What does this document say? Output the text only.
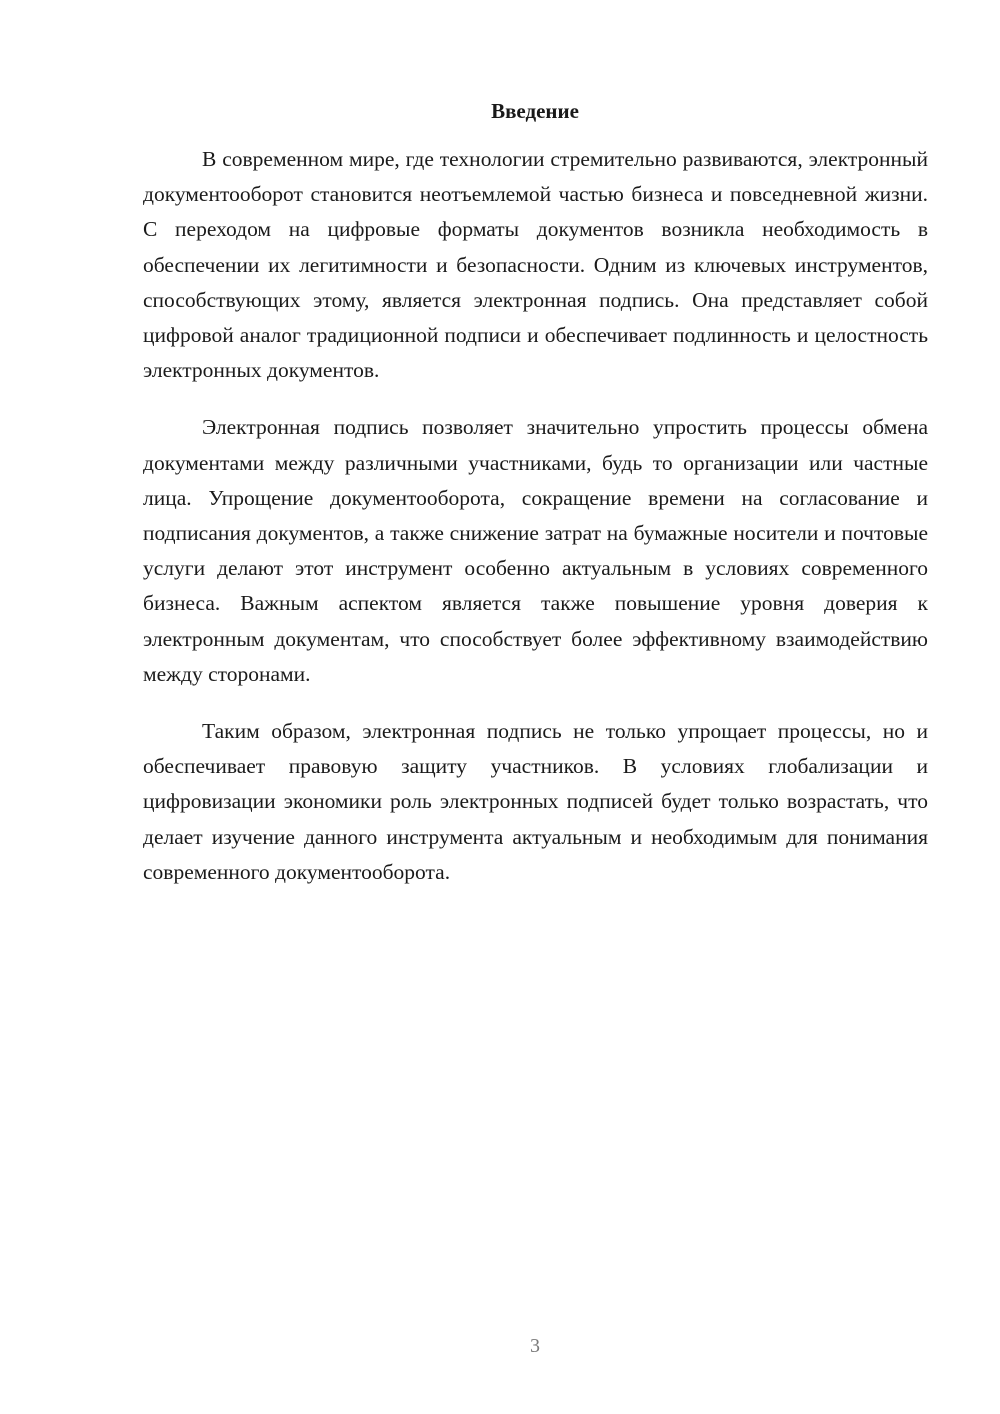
Введение

В современном мире, где технологии стремительно развиваются, электронный документооборот становится неотъемлемой частью бизнеса и повседневной жизни. С переходом на цифровые форматы документов возникла необходимость в обеспечении их легитимности и безопасности. Одним из ключевых инструментов, способствующих этому, является электронная подпись. Она представляет собой цифровой аналог традиционной подписи и обеспечивает подлинность и целостность электронных документов.

Электронная подпись позволяет значительно упростить процессы обмена документами между различными участниками, будь то организации или частные лица. Упрощение документооборота, сокращение времени на согласование и подписания документов, а также снижение затрат на бумажные носители и почтовые услуги делают этот инструмент особенно актуальным в условиях современного бизнеса. Важным аспектом является также повышение уровня доверия к электронным документам, что способствует более эффективному взаимодействию между сторонами.

Таким образом, электронная подпись не только упрощает процессы, но и обеспечивает правовую защиту участников. В условиях глобализации и цифровизации экономики роль электронных подписей будет только возрастать, что делает изучение данного инструмента актуальным и необходимым для понимания современного документооборота.

3
